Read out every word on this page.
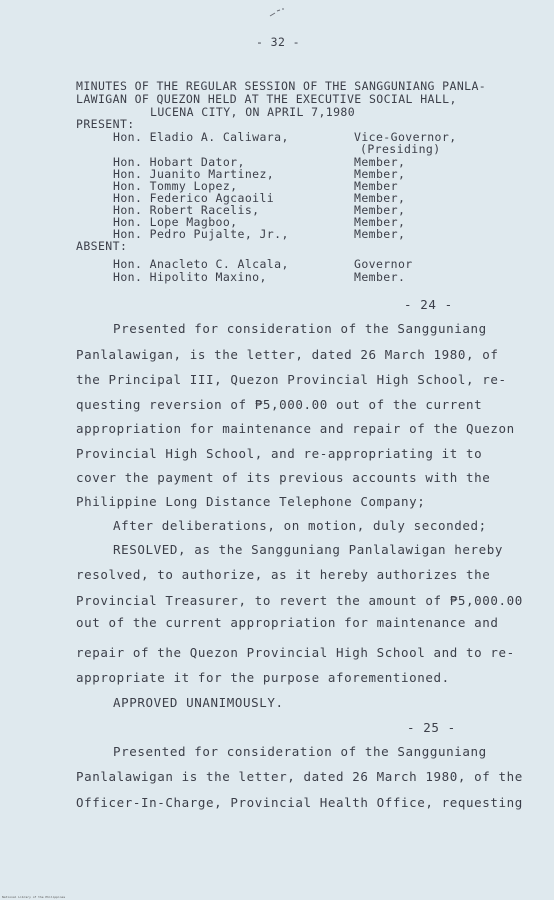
- 32 -
MINUTES OF THE REGULAR SESSION OF THE SANGGUNIANG PANLA-
LAWIGAN OF QUEZON HELD AT THE EXECUTIVE SOCIAL HALL,
LUCENA CITY, ON APRIL 7,1980
PRESENT:
Hon. Eladio A. Caliwara,	Vice-Governor,
(Presiding)
Hon. Hobart Dator,	Member,
Hon. Juanito Martinez,	Member,
Hon. Tommy Lopez,	Member
Hon. Federico Agcaoili	Member,
Hon. Robert Racelis,	Member,
Hon. Lope Magboo,	Member,
Hon. Pedro Pujalte, Jr.,	Member,
ABSENT:
Hon. Anacleto C. Alcala,	Governor
Hon. Hipolito Maxino,	Member.
- 24 -
Presented for consideration of the Sangguniang
Panlalawigan, is the letter, dated 26 March 1980, of
the Principal III, Quezon Provincial High School, re-
questing reversion of ₱5,000.00 out of the current
appropriation for maintenance and repair of the Quezon
Provincial High School, and re-appropriating it to
cover the payment of its previous accounts with the
Philippine Long Distance Telephone Company;
After deliberations, on motion, duly seconded;
RESOLVED, as the Sangguniang Panlalawigan hereby
resolved, to authorize, as it hereby authorizes the
Provincial Treasurer, to revert the amount of ₱5,000.00
out of the current appropriation for maintenance and
repair of the Quezon Provincial High School and to re-
appropriate it for the purpose aforementioned.
APPROVED UNANIMOUSLY.
- 25 -
Presented for consideration of the Sangguniang
Panlalawigan is the letter, dated 26 March 1980, of the
Officer-In-Charge, Provincial Health Office, requesting
National Library of the Philippines
